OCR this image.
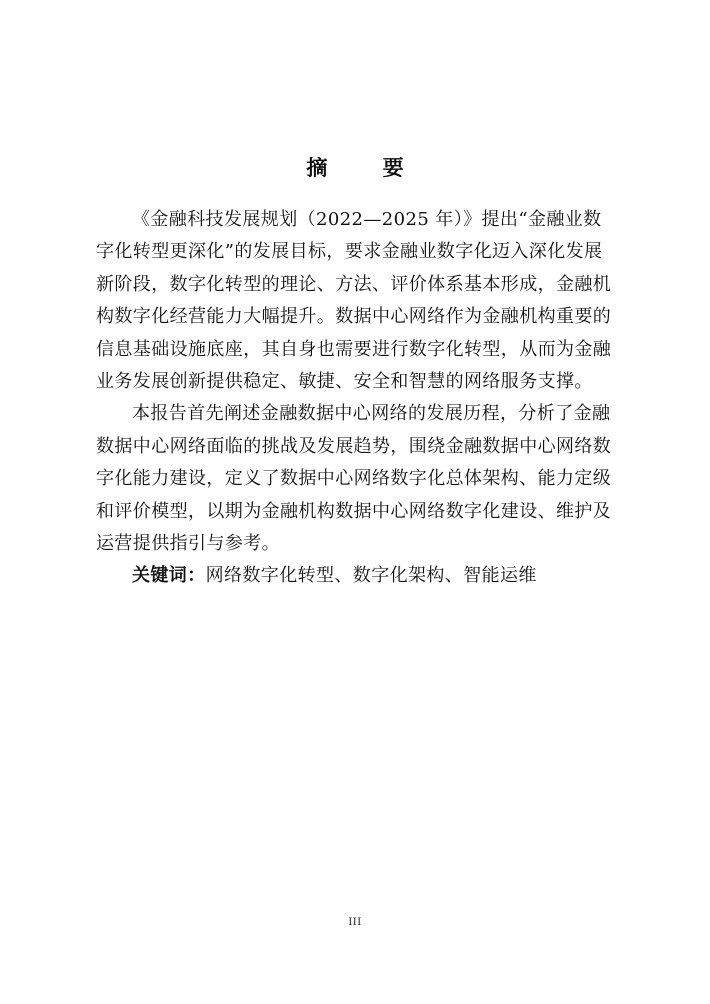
摘 要

《金融科技发展规划（2022—2025 年）》提出“金融业数
字化转型更深化”的发展目标，要求金融业数字化迈入深化发展
新阶段，数字化转型的理论、方法、评价体系基本形成，金融机
构数字化经营能力大幅提升。数据中心网络作为金融机构重要的
信息基础设施底座，其自身也需要进行数字化转型，从而为金融
业务发展创新提供稳定、敏捷、安全和智慧的网络服务支撑。

本报告首先阐述金融数据中心网络的发展历程，分析了金融
数据中心网络面临的挑战及发展趋势，围绕金融数据中心网络数
字化能力建设，定义了数据中心网络数字化总体架构、能力定级
和评价模型，以期为金融机构数据中心网络数字化建设、维护及
运营提供指引与参考。

关键词：网络数字化转型、数字化架构、智能运维

III
